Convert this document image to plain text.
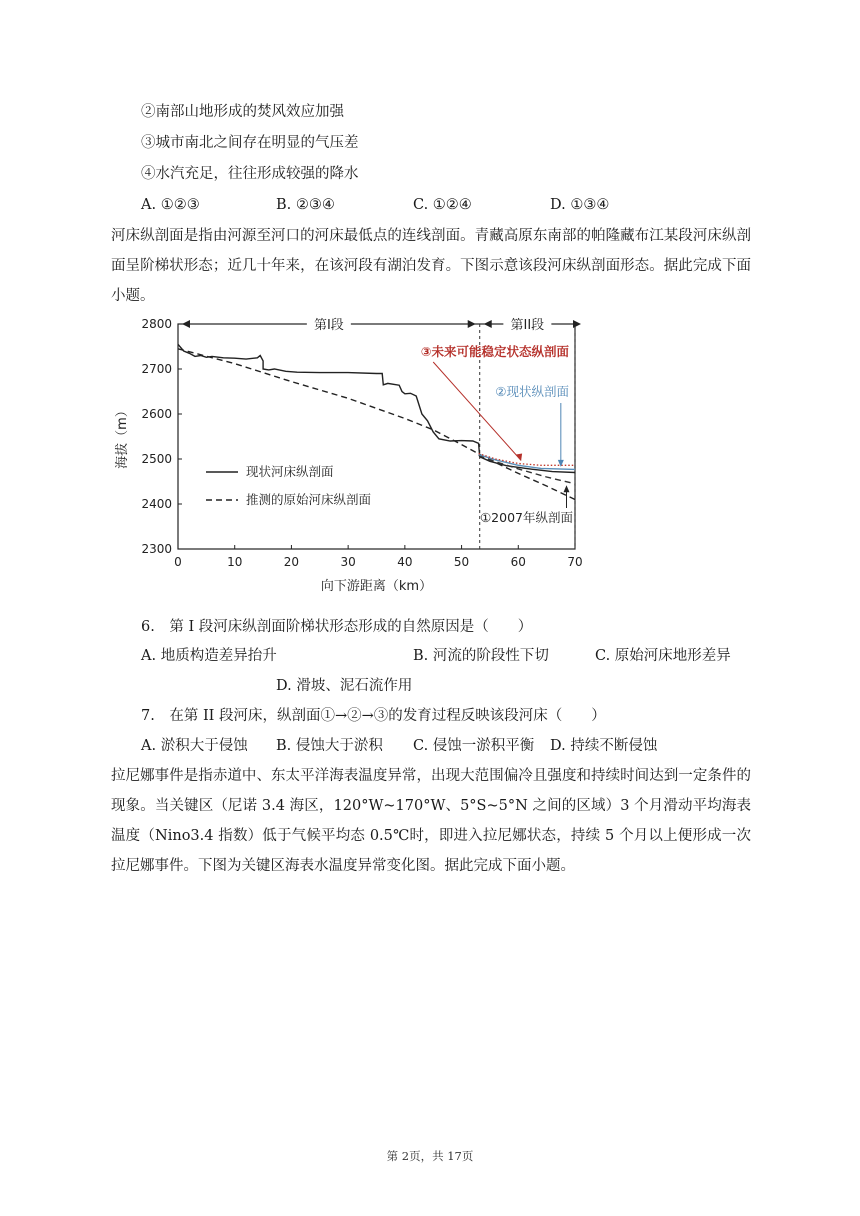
②南部山地形成的焚风效应加强
③城市南北之间存在明显的气压差
④水汽充足，往往形成较强的降水
A. ①②③	B. ②③④	C. ①②④	D. ①③④
河床纵剖面是指由河源至河口的河床最低点的连线剖面。青藏高原东南部的帕隆藏布江某段河床纵剖面呈阶梯状形态；近几十年来，在该河段有湖泊发育。下图示意该段河床纵剖面形态。据此完成下面小题。
0	10	20	30	40	50	60	70
2300
2400
2500
2600
2700
2800
向下游距离（km）
海拔（m）
第I段	第II段
现状河床纵剖面
推测的原始河床纵剖面
③未来可能稳定状态纵剖面
②现状纵剖面
①2007年纵剖面
6.　第 I 段河床纵剖面阶梯状形态形成的自然原因是（　　）
A. 地质构造差异抬升	B. 河流的阶段性下切	C. 原始河床地形差异
D. 滑坡、泥石流作用
7.　在第 II 段河床，纵剖面①→②→③的发育过程反映该段河床（　　）
A. 淤积大于侵蚀 B. 侵蚀大于淤积 C. 侵蚀一淤积平衡 D. 持续不断侵蚀
拉尼娜事件是指赤道中、东太平洋海表温度异常，出现大范围偏冷且强度和持续时间达到一定条件的现象。当关键区（尼诺 3.4 海区，120°W~170°W、5°S~5°N 之间的区域）3 个月滑动平均海表温度（Nino3.4 指数）低于气候平均态 0.5℃时，即进入拉尼娜状态，持续 5 个月以上便形成一次拉尼娜事件。下图为关键区海表水温度异常变化图。据此完成下面小题。
第 2页，共 17页
